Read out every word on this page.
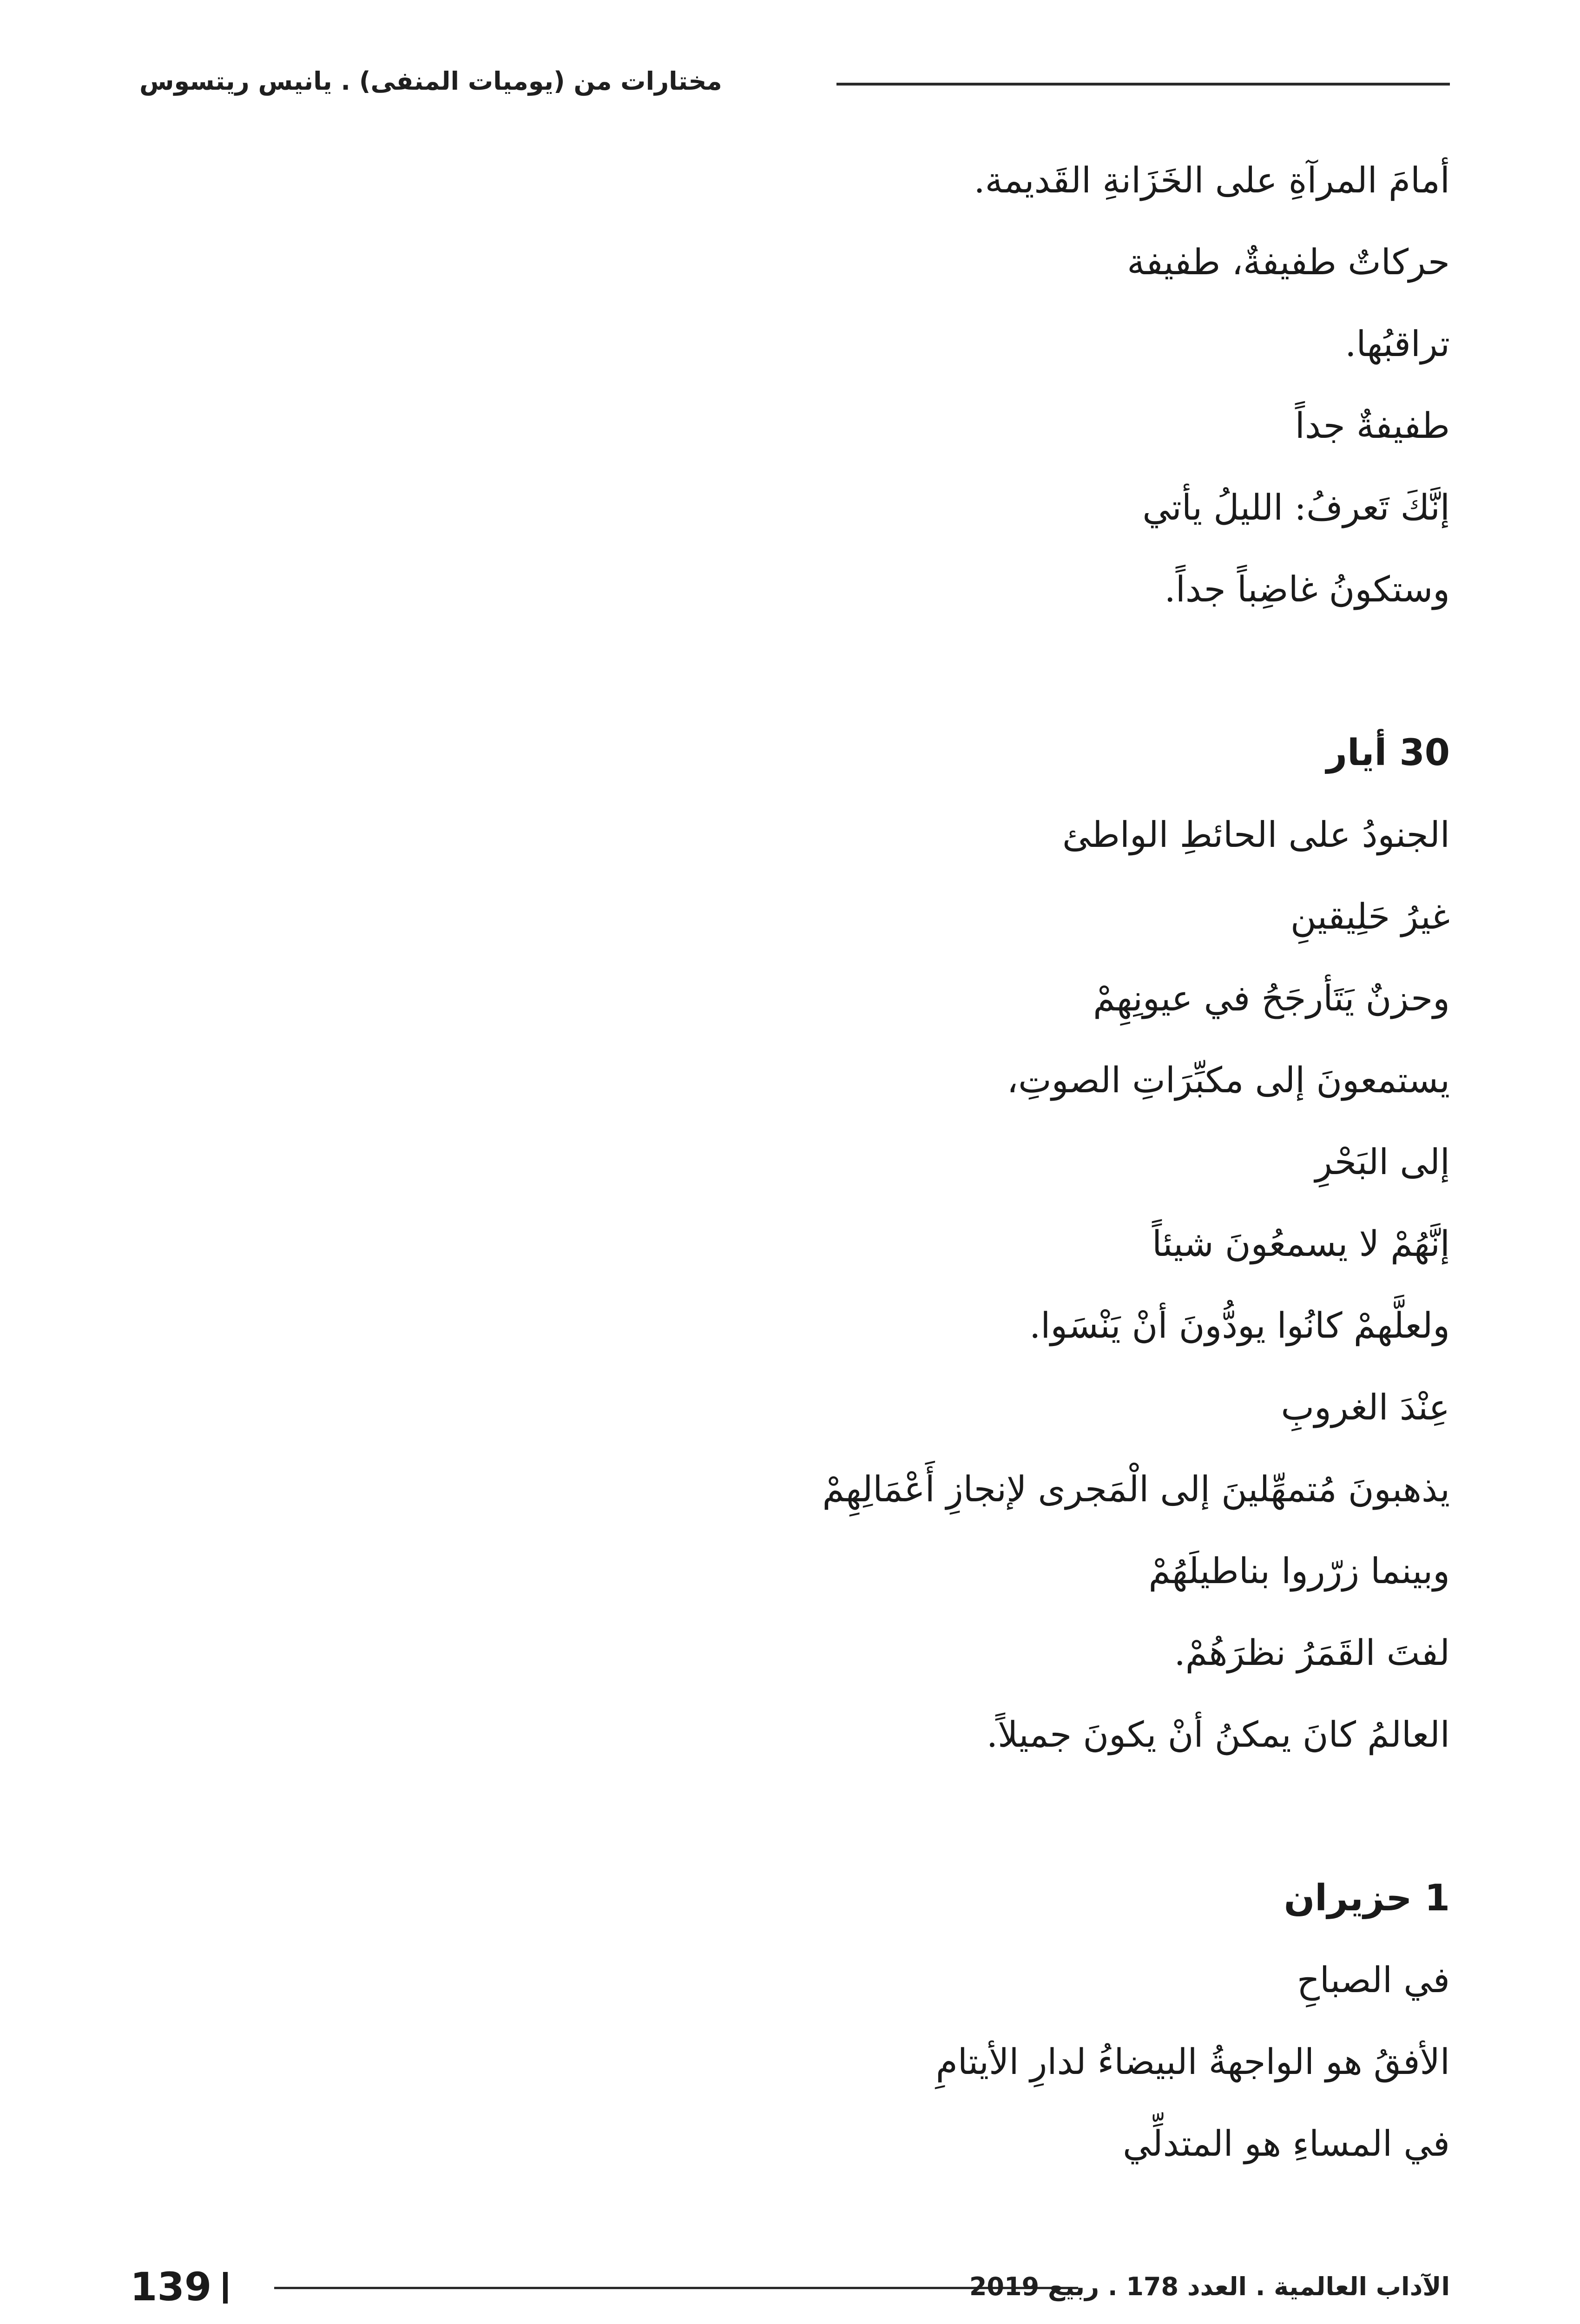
مختارات من (يوميات المنفى) . يانيس ريتسوس
أمامَ المرآةِ على الخَزَانةِ القَديمة.
حركاتٌ طفيفةٌ، طفيفة
تراقبُها.
طفيفةٌ جداً
إنَّكَ تَعرفُ: الليلُ يأتي
وستكونُ غاضِباً جداً.
30 أيار
الجنودُ على الحائطِ الواطئ
غيرُ حَلِيقينِ
وحزنٌ يَتَأرجَحُ في عيونِهِمْ
يستمعونَ إلى مكبِّرَاتِ الصوتِ،
إلى البَحْرِ
إنَّهُمْ لا يسمعُونَ شيئاً
ولعلَّهمْ كانُوا يودُّونَ أنْ يَنْسَوا.
عِنْدَ الغروبِ
يذهبونَ مُتمهِّلينَ إلى الْمَجرى لإنجازِ أَعْمَالِهِمْ
وبينما زرّروا بناطيلَهُمْ
لفتَ القَمَرُ نظرَهُمْ.
العالمُ كانَ يمكنُ أنْ يكونَ جميلاً.
1 حزيران
في الصباحِ
الأفقُ هو الواجهةُ البيضاءُ لدارِ الأيتامِ
في المساءِ هو المتدلِّي
139	الآداب العالمية . العدد 178 . ربيع 2019
